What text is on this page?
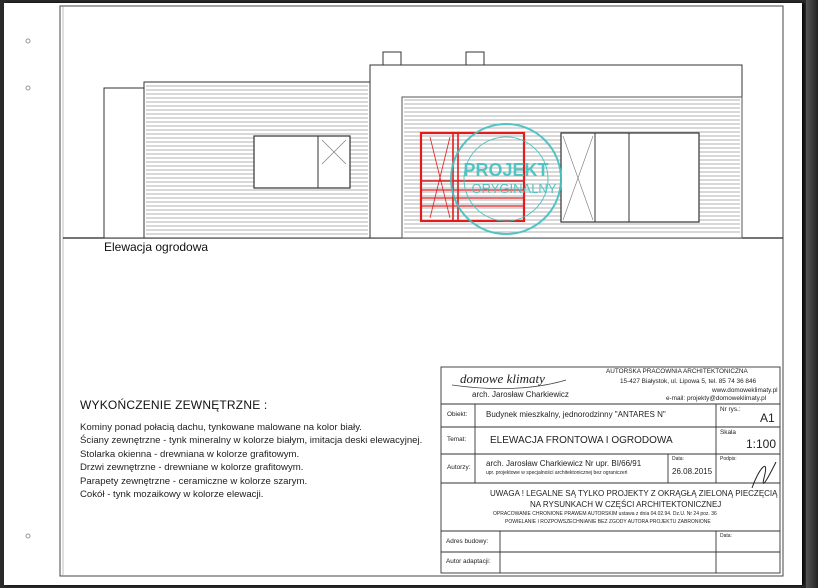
PROJEKT
ORYGINALNY
Elewacja ogrodowa
WYKOŃCZENIE ZEWNĘTRZNE :
Kominy ponad połacią dachu, tynkowane malowane na kolor biały.
Ściany zewnętrzne - tynk mineralny w kolorze białym, imitacja deski elewacyjnej.
Stolarka okienna - drewniana w kolorze grafitowym.
Drzwi zewnętrzne - drewniane w kolorze grafitowym.
Parapety zewnętrzne - ceramiczne w kolorze szarym.
Cokół - tynk mozaikowy w kolorze elewacji.
domowe klimaty
arch. Jarosław Charkiewicz
AUTORSKA PRACOWNIA ARCHITEKTONICZNA
15-427 Białystok, ul. Lipowa 5, tel. 85 74 36 846
www.domoweklimaty.pl
e-mail: projekty@domoweklimaty.pl
Obiekt: Budynek mieszkalny, jednorodzinny "ANTARES N"
Nr rys.:
A1
Temat: ELEWACJA FRONTOWA I OGRODOWA
Skala
1:100
Autorzy: arch. Jarosław Charkiewicz Nr upr. BI/66/91
upr. projektowe w specjalności architektonicznej bez ograniczeń
Data:
26.08.2015
Podpis:
UWAGA ! LEGALNE SĄ TYLKO PROJEKTY Z OKRĄGŁĄ ZIELONĄ PIECZĘCIĄ
NA RYSUNKACH W CZĘŚCI ARCHITEKTONICZNEJ
OPRACOWANIE CHRONIONE PRAWEM AUTORSKIM ustawa z dnia 04.02.94. Dz.U. Nr 24 poz. 36
POWIELANIE I ROZPOWSZECHNIANIE BEZ ZGODY AUTORA PROJEKTU ZABRONIONE
Adres budowy:
Autor adaptacji:
Data:
